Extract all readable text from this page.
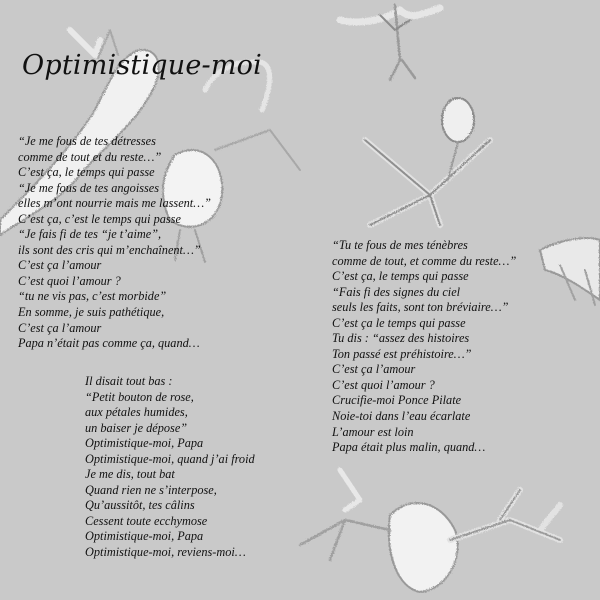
Optimistique-moi
“Je me fous de tes détresses
comme de tout et du reste…”
C’est ça, le temps qui passe
“Je me fous de tes angoisses
elles m’ont nourrie mais me lassent…”
C’est ça, c’est le temps qui passe
“Je fais fi de tes “je t’aime”,
ils sont des cris qui m’enchaînent…”
C’est ça l’amour
C’est quoi l’amour ?
“tu ne vis pas, c’est morbide”
En somme, je suis pathétique,
C’est ça l’amour
Papa n’était pas comme ça, quand…
Il disait tout bas :
“Petit bouton de rose,
aux pétales humides,
un baiser je dépose”
Optimistique-moi, Papa
Optimistique-moi, quand j’ai froid
Je me dis, tout bat
Quand rien ne s’interpose,
Qu’aussitôt, tes câlins
Cessent toute ecchymose
Optimistique-moi, Papa
Optimistique-moi, reviens-moi…
“Tu te fous de mes ténèbres
comme de tout, et comme du reste…”
C’est ça, le temps qui passe
“Fais fi des signes du ciel
seuls les faits, sont ton bréviaire…”
C’est ça le temps qui passe
Tu dis : “assez des histoires
Ton passé est préhistoire…”
C’est ça l’amour
C’est quoi l’amour ?
Crucifie-moi Ponce Pilate
Noie-toi dans l’eau écarlate
L’amour est loin
Papa était plus malin, quand…
